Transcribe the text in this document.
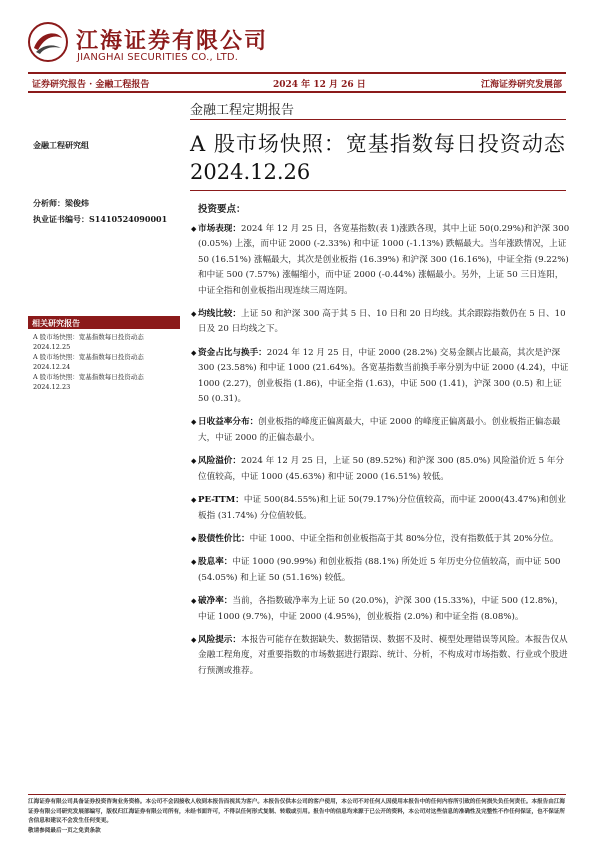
江海证券有限公司
JIANGHAI SECURITIES CO., LTD.
证券研究报告 · 金融工程报告	2024 年 12 月 26 日	江海证券研究发展部
金融工程定期报告
A 股市场快照：宽基指数每日投资动态
2024.12.26
金融工程研究组
分析师：梁俊炜
执业证书编号：S1410524090001
相关研究报告

A 股市场快照：宽基指数每日投资动态 2024.12.25

A 股市场快照：宽基指数每日投资动态 2024.12.24

A 股市场快照：宽基指数每日投资动态 2024.12.23

投资要点：

◆ 市场表现：2024 年 12 月 25 日，各宽基指数(表 1)涨跌各现，其中上证 50(0.29%)和沪深 300 (0.05%) 上涨，而中证 2000 (-2.33%) 和中证 1000 (-1.13%) 跌幅最大。当年涨跌情况，上证 50 (16.51%) 涨幅最大，其次是创业板指 (16.39%) 和沪深 300 (16.16%)，中证全指 (9.22%) 和中证 500 (7.57%) 涨幅缩小，而中证 2000 (-0.44%) 涨幅最小。另外，上证 50 三日连阳，中证全指和创业板指出现连续三周连阴。

◆ 均线比较：上证 50 和沪深 300 高于其 5 日、10 日和 20 日均线。其余跟踪指数仍在 5 日、10 日及 20 日均线之下。

◆ 资金占比与换手：2024 年 12 月 25 日，中证 2000 (28.2%) 交易金额占比最高，其次是沪深 300 (23.58%) 和中证 1000 (21.64%)。各宽基指数当前换手率分别为中证 2000 (4.24)，中证 1000 (2.27)，创业板指 (1.86)，中证全指 (1.63)，中证 500 (1.41)，沪深 300 (0.5) 和上证 50 (0.31)。

◆ 日收益率分布：创业板指的峰度正偏离最大，中证 2000 的峰度正偏离最小。创业板指正偏态最大，中证 2000 的正偏态最小。

◆ 风险溢价：2024 年 12 月 25 日，上证 50 (89.52%) 和沪深 300 (85.0%) 风险溢价近 5 年分位值较高，中证 1000 (45.63%) 和中证 2000 (16.51%) 较低。

◆ PE-TTM：中证 500(84.55%)和上证 50(79.17%)分位值较高，而中证 2000(43.47%)和创业板指 (31.74%) 分位值较低。

◆ 股债性价比：中证 1000、中证全指和创业板指高于其 80%分位，没有指数低于其 20%分位。

◆ 股息率：中证 1000 (90.99%) 和创业板指 (88.1%) 所处近 5 年历史分位值较高，而中证 500 (54.05%) 和上证 50 (51.16%) 较低。

◆ 破净率：当前，各指数破净率为上证 50 (20.0%)，沪深 300 (15.33%)，中证 500 (12.8%)，中证 1000 (9.7%)，中证 2000 (4.95%)，创业板指 (2.0%) 和中证全指 (8.08%)。

◆ 风险提示：本报告可能存在数据缺失、数据错误、数据不及时、模型处理错误等风险。本报告仅从金融工程角度，对重要指数的市场数据进行跟踪、统计、分析，不构成对市场指数、行业或个股进行预测或推荐。

江海证券有限公司具备证券投资咨询业务资格。本公司不会因接收人收到本报告而视其为客户。本报告仅供本公司的客户使用，本公司不对任何人因使用本报告中的任何内容所引致的任何损失负任何责任。本报告由江海证券有限公司研究发展部编写，版权归江海证券有限公司所有，未经书面许可，不得以任何形式复制、转载或引用。报告中的信息均来源于已公开的资料，本公司对这些信息的准确性及完整性不作任何保证，也不保证所含信息和建议不会发生任何变更。
敬请参阅最后一页之免责条款
